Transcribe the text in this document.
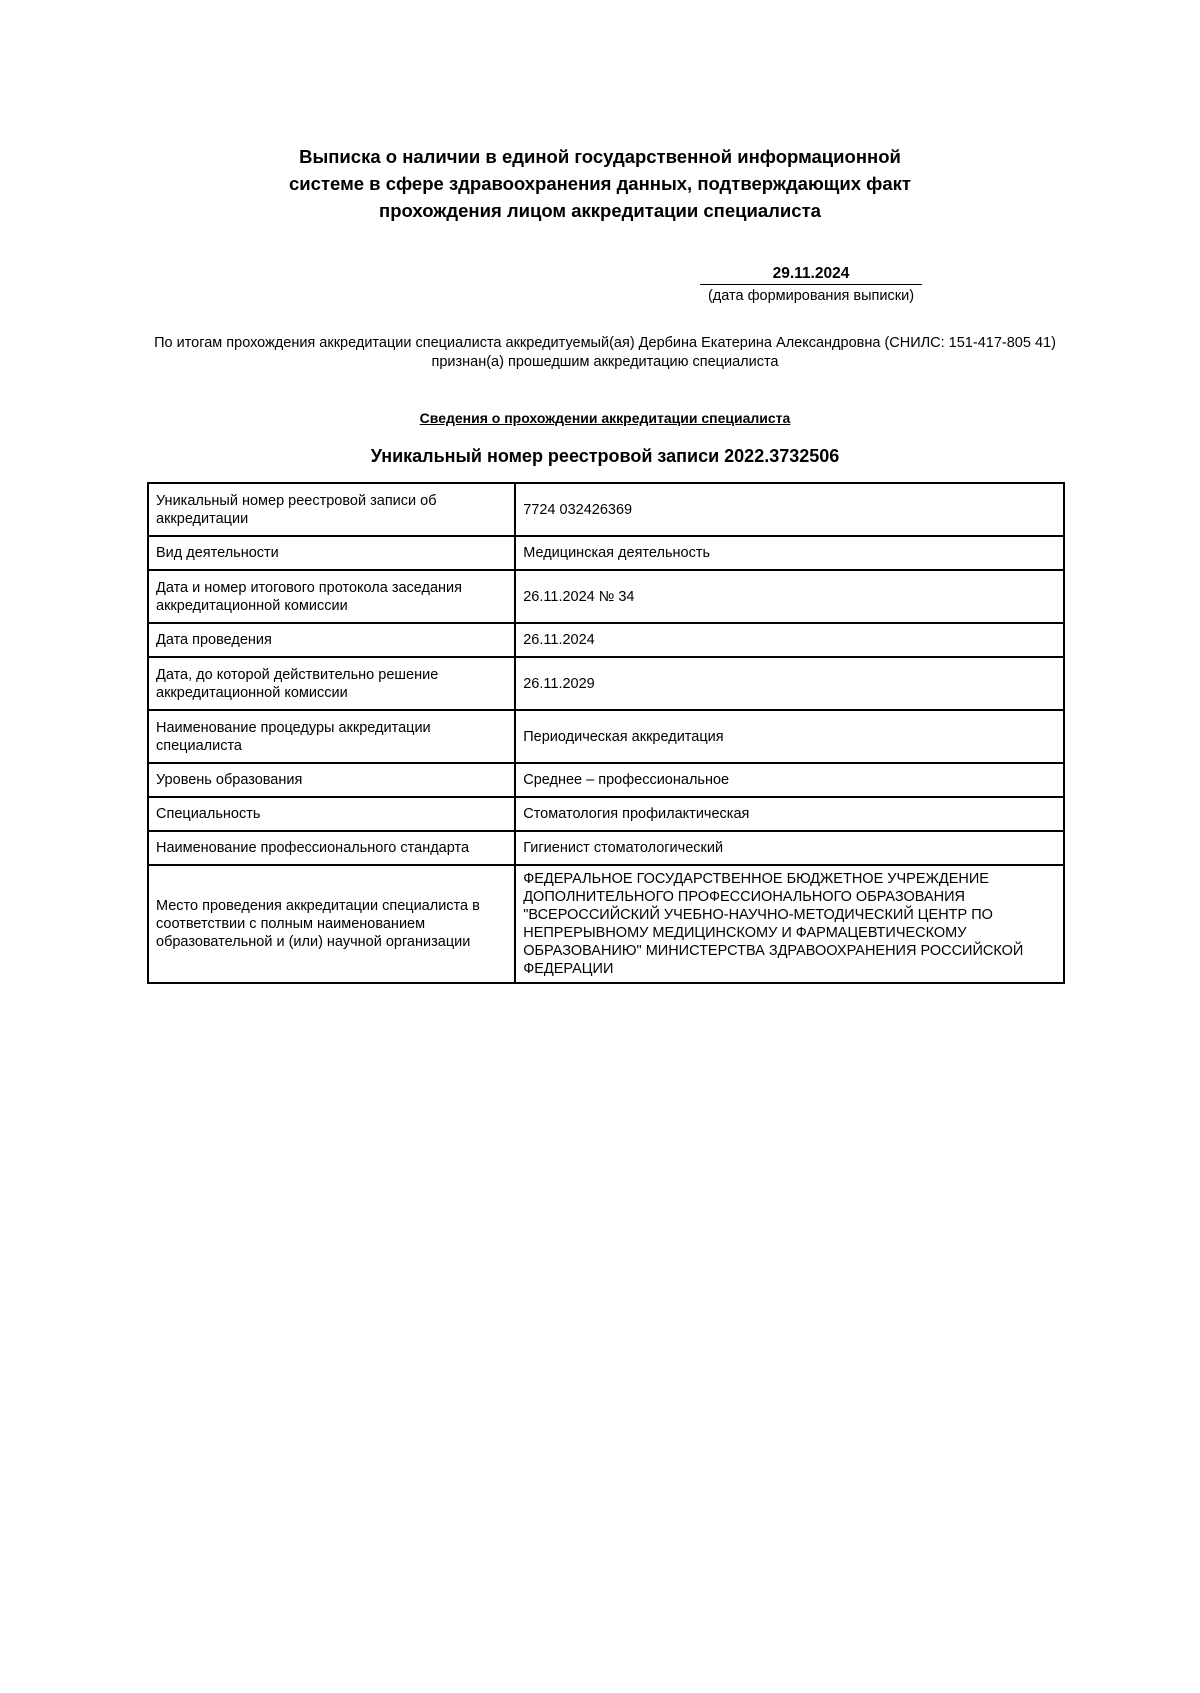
Выписка о наличии в единой государственной информационной
системе в сфере здравоохранения данных, подтверждающих факт
прохождения лицом аккредитации специалиста
29.11.2024
(дата формирования выписки)
По итогам прохождения аккредитации специалиста аккредитуемый(ая) Дербина Екатерина Александровна (СНИЛС: 151-417-805 41) признан(а) прошедшим аккредитацию специалиста
Сведения о прохождении аккредитации специалиста
Уникальный номер реестровой записи 2022.3732506
Уникальный номер реестровой записи об аккредитации	7724 032426369
Вид деятельности	Медицинская деятельность
Дата и номер итогового протокола заседания аккредитационной комиссии	26.11.2024 № 34
Дата проведения	26.11.2024
Дата, до которой действительно решение аккредитационной комиссии	26.11.2029
Наименование процедуры аккредитации специалиста	Периодическая аккредитация
Уровень образования	Среднее – профессиональное
Специальность	Стоматология профилактическая
Наименование профессионального стандарта	Гигиенист стоматологический
Место проведения аккредитации специалиста в соответствии с полным наименованием образовательной и (или) научной организации	ФЕДЕРАЛЬНОЕ ГОСУДАРСТВЕННОЕ БЮДЖЕТНОЕ УЧРЕЖДЕНИЕ ДОПОЛНИТЕЛЬНОГО ПРОФЕССИОНАЛЬНОГО ОБРАЗОВАНИЯ "ВСЕРОССИЙСКИЙ УЧЕБНО-НАУЧНО-МЕТОДИЧЕСКИЙ ЦЕНТР ПО НЕПРЕРЫВНОМУ МЕДИЦИНСКОМУ И ФАРМАЦЕВТИЧЕСКОМУ ОБРАЗОВАНИЮ" МИНИСТЕРСТВА ЗДРАВООХРАНЕНИЯ РОССИЙСКОЙ ФЕДЕРАЦИИ
